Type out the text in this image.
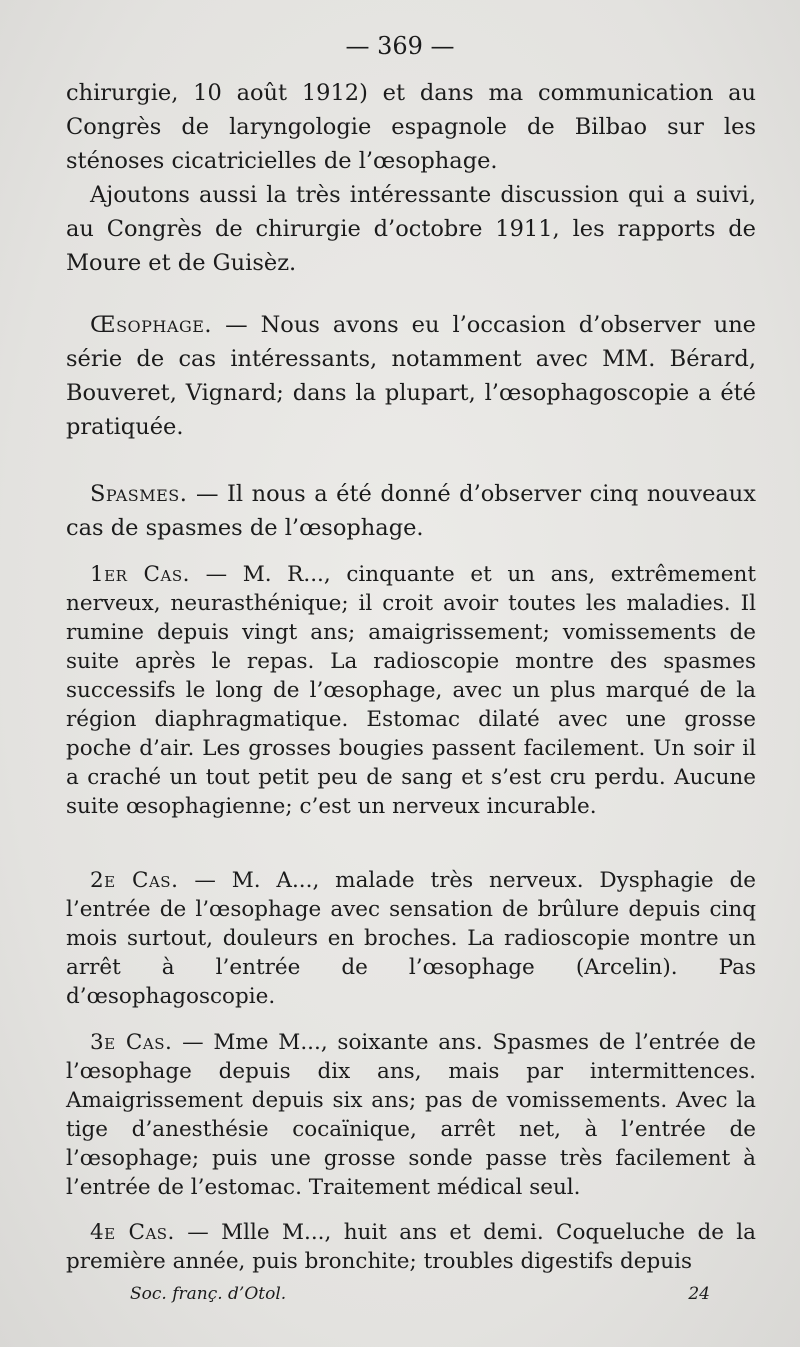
— 369 —

chirurgie, 10 août 1912) et dans ma communication au Congrès de laryngologie espagnole de Bilbao sur les sténoses cicatricielles de l’œsophage.

Ajoutons aussi la très intéressante discussion qui a suivi, au Congrès de chirurgie d’octobre 1911, les rapports de Moure et de Guisèz.

Œsophage. — Nous avons eu l’occasion d’observer une série de cas intéressants, notamment avec MM. Bérard, Bouveret, Vignard; dans la plupart, l’œsophagoscopie a été pratiquée.

Spasmes. — Il nous a été donné d’observer cinq nouveaux cas de spasmes de l’œsophage.

1er Cas. — M. R..., cinquante et un ans, extrêmement nerveux, neurasthénique; il croit avoir toutes les maladies. Il rumine depuis vingt ans; amaigrissement; vomissements de suite après le repas. La radioscopie montre des spasmes successifs le long de l’œsophage, avec un plus marqué de la région diaphragmatique. Estomac dilaté avec une grosse poche d’air. Les grosses bougies passent facilement. Un soir il a craché un tout petit peu de sang et s’est cru perdu. Aucune suite œsophagienne; c’est un nerveux incurable.

2e Cas. — M. A..., malade très nerveux. Dysphagie de l’entrée de l’œsophage avec sensation de brûlure depuis cinq mois surtout, douleurs en broches. La radioscopie montre un arrêt à l’entrée de l’œsophage (Arcelin). Pas d’œsophagoscopie.

3e Cas. — Mme M..., soixante ans. Spasmes de l’entrée de l’œsophage depuis dix ans, mais par intermittences. Amaigrissement depuis six ans; pas de vomissements. Avec la tige d’anesthésie cocaïnique, arrêt net, à l’entrée de l’œsophage; puis une grosse sonde passe très facilement à l’entrée de l’estomac. Traitement médical seul.

4e Cas. — Mlle M..., huit ans et demi. Coqueluche de la première année, puis bronchite; troubles digestifs depuis

Soc. franç. d’Otol.	24
